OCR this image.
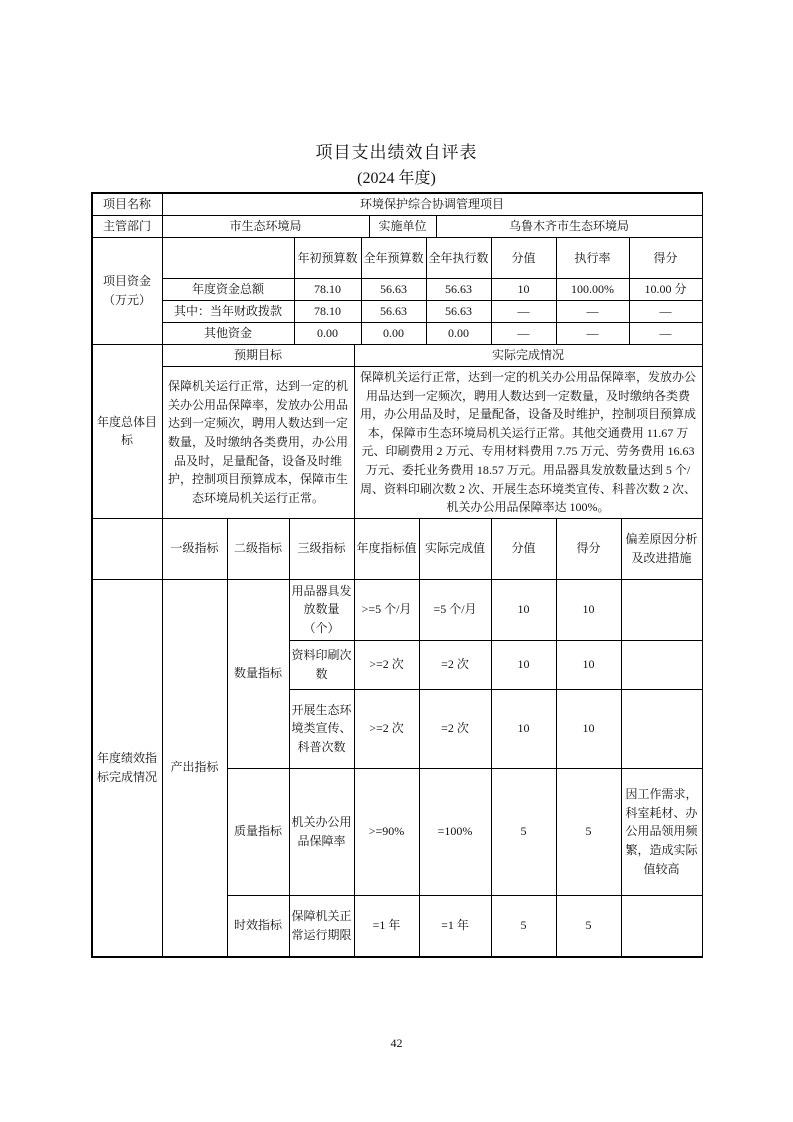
项目支出绩效自评表
(2024 年度)
项目名称	环境保护综合协调管理项目		
主管部门	市生态环境局	实施单位	乌鲁木齐市生态环境局
项目资金
（万元）		年初预算数	全年预算数	全年执行数	分值	执行率	得分
	年度资金总额	78.10	56.63	56.63	10	100.00%	10.00 分
	其中：当年财政拨款	78.10	56.63	56.63	—	—	—
	其他资金	0.00	0.00	0.00	—	—	—
年度总体目标	预期目标	实际完成情况
	保障机关运行正常，达到一定的机关办公用品保障率，发放办公用品达到一定频次，聘用人数达到一定数量，及时缴纳各类费用，办公用品及时，足量配备，设备及时维护，控制项目预算成本，保障市生态环境局机关运行正常。	保障机关运行正常，达到一定的机关办公用品保障率，发放办公用品达到一定频次，聘用人数达到一定数量，及时缴纳各类费用，办公用品及时，足量配备，设备及时维护，控制项目预算成本，保障市生态环境局机关运行正常。其他交通费用 11.67 万元、印刷费用 2 万元、专用材料费用 7.75 万元、劳务费用 16.63 万元、委托业务费用 18.57 万元。用品器具发放数量达到 5 个/周、资料印刷次数 2 次、开展生态环境类宣传、科普次数 2 次、机关办公用品保障率达 100%。
	一级指标	二级指标	三级指标	年度指标值	实际完成值	分值	得分	偏差原因分析及改进措施
年度绩效指标完成情况	产出指标	数量指标	用品器具发放数量（个）	>=5 个/月	=5 个/月	10	10	
			资料印刷次数	>=2 次	=2 次	10	10	
			开展生态环境类宣传、科普次数	>=2 次	=2 次	10	10	
		质量指标	机关办公用品保障率	>=90%	=100%	5	5	因工作需求，科室耗材、办公用品领用频繁，造成实际值较高
		时效指标	保障机关正常运行期限	=1 年	=1 年	5	5	
42
